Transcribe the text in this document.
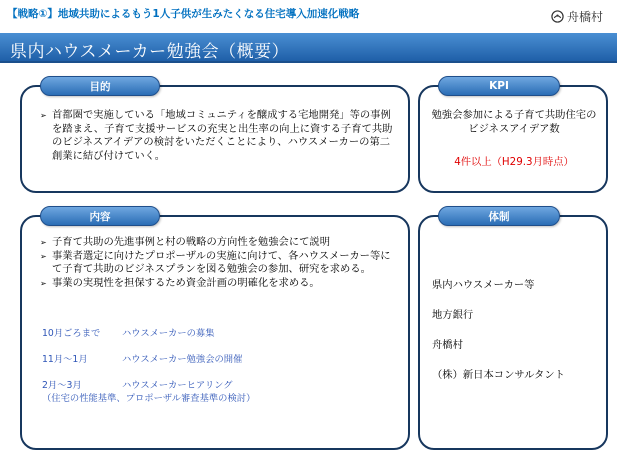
【戦略①】地域共助によるもう1人子供が生みたくなる住宅導入加速化戦略	舟橋村
県内ハウスメーカー勉強会（概要）
➢ 首都圏で実施している「地域コミュニティを醸成する宅地開発」等の事例を踏まえ、子育て支援サービスの充実と出生率の向上に資する子育て共助のビジネスアイデアの検討をいただくことにより、ハウスメーカーの第二創業に結び付けていく。
目的
勉強会参加による子育て共助住宅のビジネスアイデア数
4件以上（H29.3月時点）
KPI
➢ 子育て共助の先進事例と村の戦略の方向性を勉強会にて説明
➢ 事業者選定に向けたプロポーザルの実施に向けて、各ハウスメーカー等にて子育て共助のビジネスプランを図る勉強会の参加、研究を求める。
➢ 事業の実現性を担保するため資金計画の明確化を求める。
10月ごろまで	ハウスメーカーの募集
11月～1月	ハウスメーカー勉強会の開催
2月～3月	ハウスメーカーヒアリング
（住宅の性能基準、プロポーザル審査基準の検討）
内容
県内ハウスメーカー等
地方銀行
舟橋村
（株）新日本コンサルタント
体制
